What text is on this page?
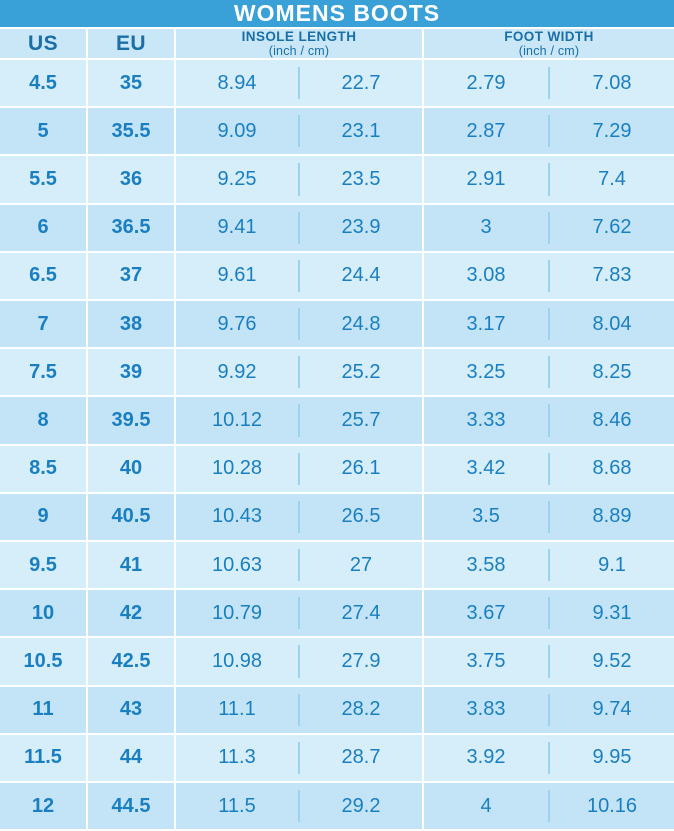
WOMENS BOOTS
US	EU	INSOLE LENGTH
(inch / cm)
FOOT WIDTH
(inch / cm)
4.5	35	8.94	22.7	2.79	7.08
5	35.5	9.09	23.1	2.87	7.29
5.5	36	9.25	23.5	2.91	7.4
6	36.5	9.41	23.9	3	7.62
6.5	37	9.61	24.4	3.08	7.83
7	38	9.76	24.8	3.17	8.04
7.5	39	9.92	25.2	3.25	8.25
8	39.5	10.12	25.7	3.33	8.46
8.5	40	10.28	26.1	3.42	8.68
9	40.5	10.43	26.5	3.5	8.89
9.5	41	10.63	27	3.58	9.1
10	42	10.79	27.4	3.67	9.31
10.5	42.5	10.98	27.9	3.75	9.52
11	43	11.1	28.2	3.83	9.74
11.5	44	11.3	28.7	3.92	9.95
12	44.5	11.5	29.2	4	10.16
